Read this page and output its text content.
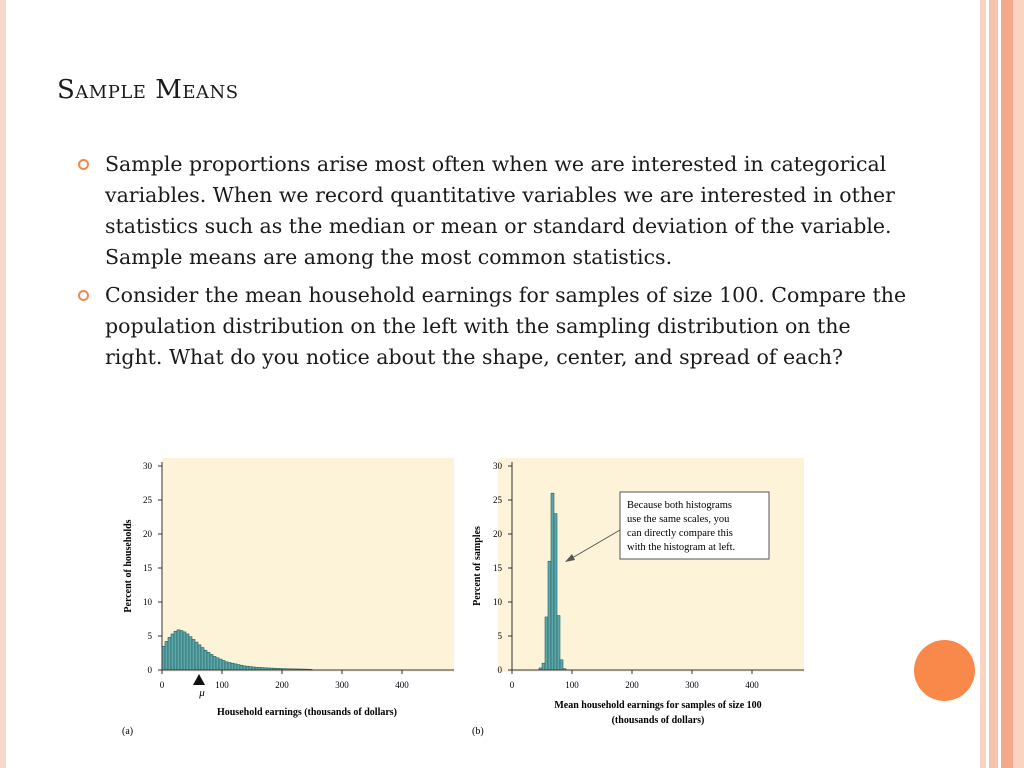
Sample Means
Sample proportions arise most often when we are interested in categorical variables. When we record quantitative variables we are interested in other statistics such as the median or mean or standard deviation of the variable. Sample means are among the most common statistics.
Consider the mean household earnings for samples of size 100. Compare the population distribution on the left with the sampling distribution on the right. What do you notice about the shape, center, and spread of each?
0
5
10
15
20
25
30
0	100	200	300	400
μ
Household earnings (thousands of dollars)
Percent of households
(a)
0
5
10
15
20
25
30
0	100	200	300	400
Because both histograms
use the same scales, you
can directly compare this
with the histogram at left.
Mean household earnings for samples of size 100
(thousands of dollars)
Percent of samples
(b)
